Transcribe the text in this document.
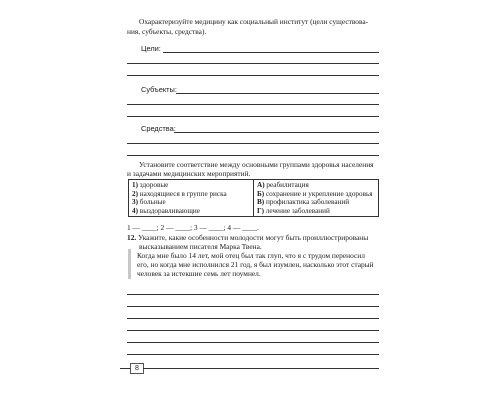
Охарактеризуйте медицину как социальный институт (цели существова-
ния, субъекты, средства).
Цели:
Субъекты:
Средства:
Установите соответствие между основными группами здоровья населения
и задачами медицинских мероприятий.
1) здоровые
2) находящиеся в группе риска
3) больные
4) выздоравливающие

А) реабилитация
Б) сохранение и укрепление здоровья
В) профилактика заболеваний
Г) лечение заболеваний
1 — ____; 2 — ____; 3 — ____; 4 — ____.
12. Укажите, какие особенности молодости могут быть проиллюстрированы
высказыванием писателя Марка Твена.
Когда мне было 14 лет, мой отец был так глуп, что я с трудом переносил
его, но когда мне исполнился 21 год, я был изумлен, насколько этот старый
человек за истекшие семь лет поумнел.
8
